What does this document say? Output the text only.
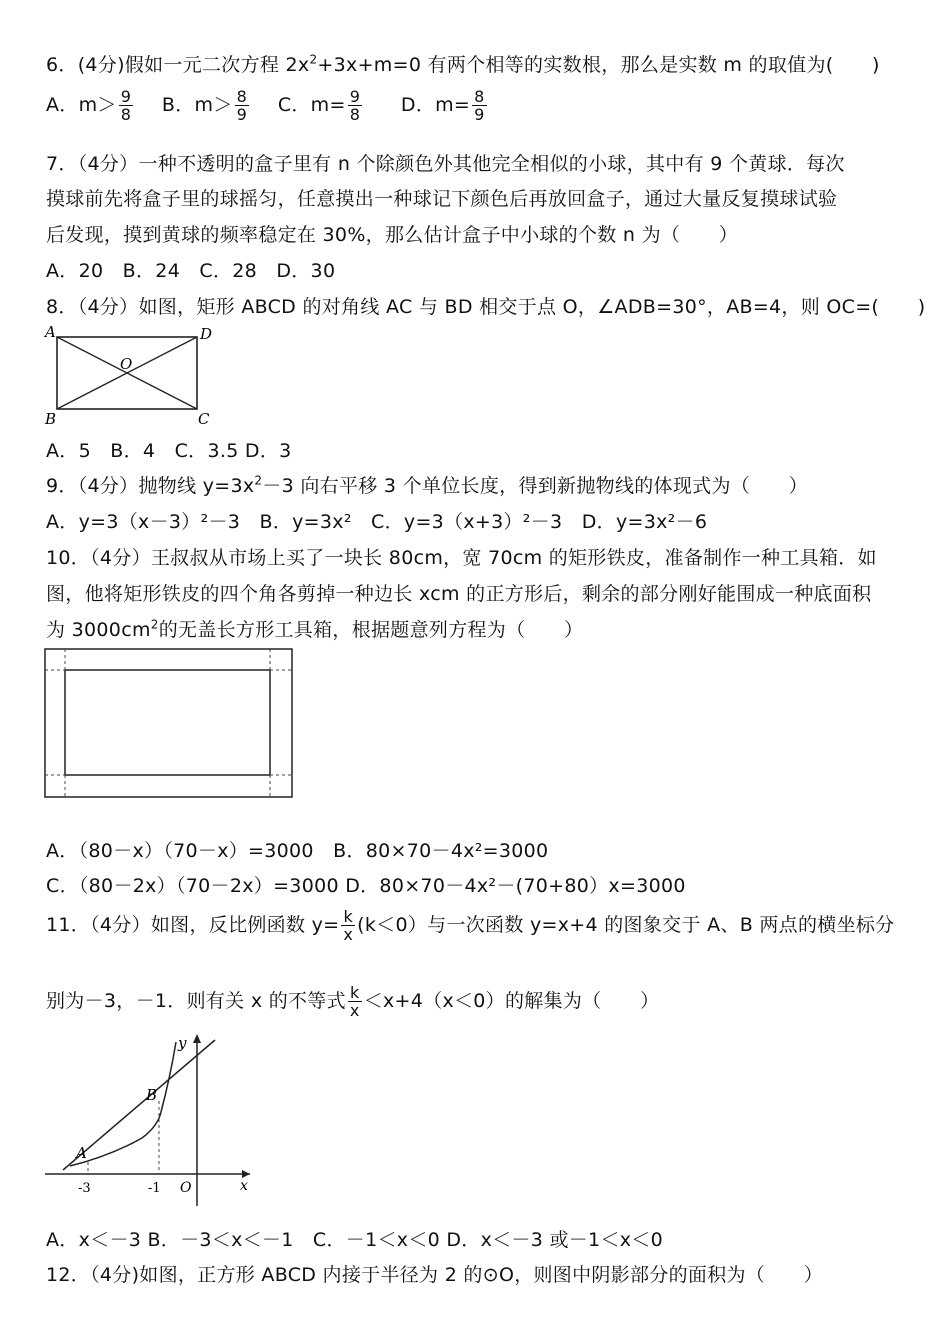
6．(4分)假如一元二次方程 $2x^2+3x+m=0$ 有两个相等的实数根，那么是实数 m 的取值为(　　)
A．$m> \frac{9}{8}$ B．$m> \frac{8}{9}$ C．$m= \frac{9}{8}$ D．$m= \frac{8}{9}$
7．（4分）一种不透明的盒子里有 n 个除颜色外其他完全相似的小球，其中有 9 个黄球．每次
摸球前先将盒子里的球摇匀，任意摸出一种球记下颜色后再放回盒子，通过大量反复摸球试验
后发现，摸到黄球的频率稳定在 30%，那么估计盒子中小球的个数 n 为（　　）
A．20　B．24　C．28　D．30
8．（4分）如图，矩形 ABCD 的对角线 AC 与 BD 相交于点 O，∠ADB=30°，AB=4，则 OC=(　　)
A	D
B	C
O
A．5　B．4　C．3.5 D．3
9．（4分）抛物线 $y=3x^2-3$ 向右平移 3 个单位长度，得到新抛物线的体现式为（　　）
A．y=3（x－3）²－3　B．y=3x²　C．y=3（x+3）²－3　D．y=3x²－6
10．（4分）王叔叔从市场上买了一块长 80cm，宽 70cm 的矩形铁皮，准备制作一种工具箱．如
图，他将矩形铁皮的四个角各剪掉一种边长 xcm 的正方形后，剩余的部分刚好能围成一种底面积
为 $3000cm^2$的无盖长方形工具箱，根据题意列方程为（　　）
A．（80－x）（70－x）=3000　B．80×70－4x²=3000
C．（80－2x）（70－2x）=3000 D．80×70－4x²－(70+80）x=3000
11．（4分）如图，反比例函数 $y= \frac{k}{x} (k<0)$与一次函数 y=x+4 的图象交于 A、B 两点的横坐标分
别为－3，－1．则有关 x 的不等式 $\frac{k}{x} <x+4(x<0)$的解集为（　　）
y
B
A
-3	-1 O	x
A．x＜－3 B．－3＜x＜－1　C．－1＜x＜0 D．x＜－3 或－1＜x＜0
12．（4分)如图，正方形 ABCD 内接于半径为 2 的⊙O，则图中阴影部分的面积为（　　）
